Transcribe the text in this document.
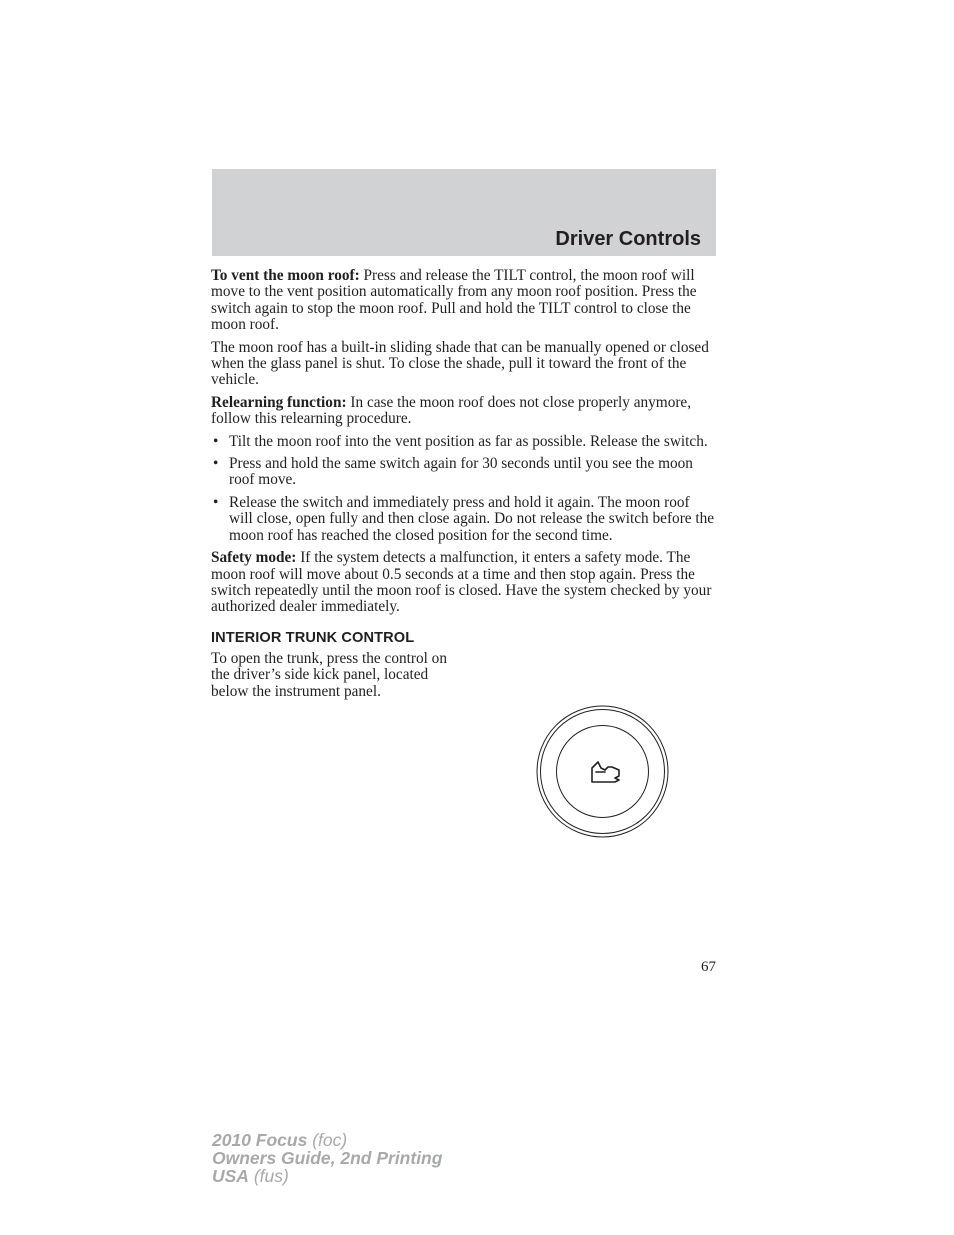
Driver Controls

To vent the moon roof: Press and release the TILT control, the moon roof will move to the vent position automatically from any moon roof position. Press the switch again to stop the moon roof. Pull and hold the TILT control to close the moon roof.

The moon roof has a built-in sliding shade that can be manually opened or closed when the glass panel is shut. To close the shade, pull it toward the front of the vehicle.

Relearning function: In case the moon roof does not close properly anymore, follow this relearning procedure.

• Tilt the moon roof into the vent position as far as possible. Release the switch.
• Press and hold the same switch again for 30 seconds until you see the moon roof move.
• Release the switch and immediately press and hold it again. The moon roof will close, open fully and then close again. Do not release the switch before the moon roof has reached the closed position for the second time.

Safety mode: If the system detects a malfunction, it enters a safety mode. The moon roof will move about 0.5 seconds at a time and then stop again. Press the switch repeatedly until the moon roof is closed. Have the system checked by your authorized dealer immediately.

INTERIOR TRUNK CONTROL

To open the trunk, press the control on the driver’s side kick panel, located below the instrument panel.

67
2010 Focus (foc)
Owners Guide, 2nd Printing
USA (fus)
